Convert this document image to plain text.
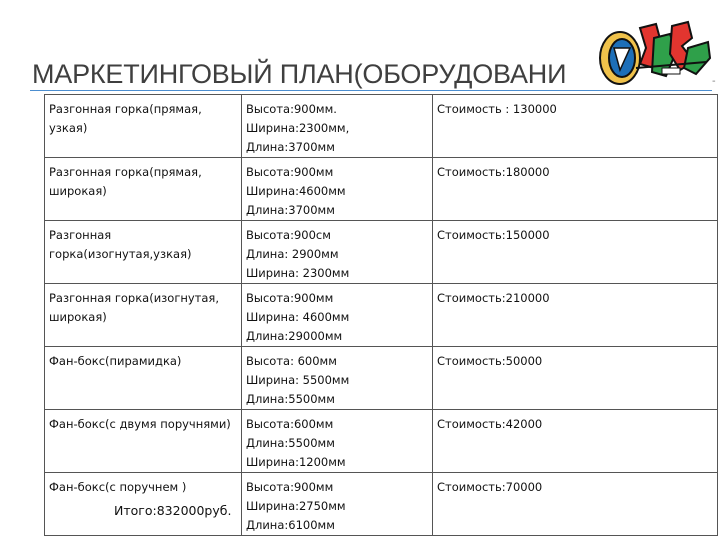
МАРКЕТИНГОВЫЙ ПЛАН(ОБОРУДОВАНИ	-
Разгонная горка(прямая, узкая)	Высота:900мм.
Ширина:2300мм,
Длина:3700мм	Стоимость : 130000
Разгонная горка(прямая, широкая)	Высота:900мм
Ширина:4600мм
Длина:3700мм	Стоимость:180000
Разгонная горка(изогнутая,узкая)	Высота:900см
Длина: 2900мм
Ширина: 2300мм	Стоимость:150000
Разгонная горка(изогнутая, широкая)	Высота:900мм
Ширина: 4600мм
Длина:29000мм	Стоимость:210000
Фан-бокс(пирамидка)	Высота: 600мм
Ширина: 5500мм
Длина:5500мм	Стоимость:50000
Фан-бокс(с двумя поручнями)	Высота:600мм
Длина:5500мм
Ширина:1200мм	Стоимость:42000
Фан-бокс(с поручнем )	Высота:900мм
Ширина:2750мм
Длина:6100мм	Стоимость:70000
Итого:832000руб.
